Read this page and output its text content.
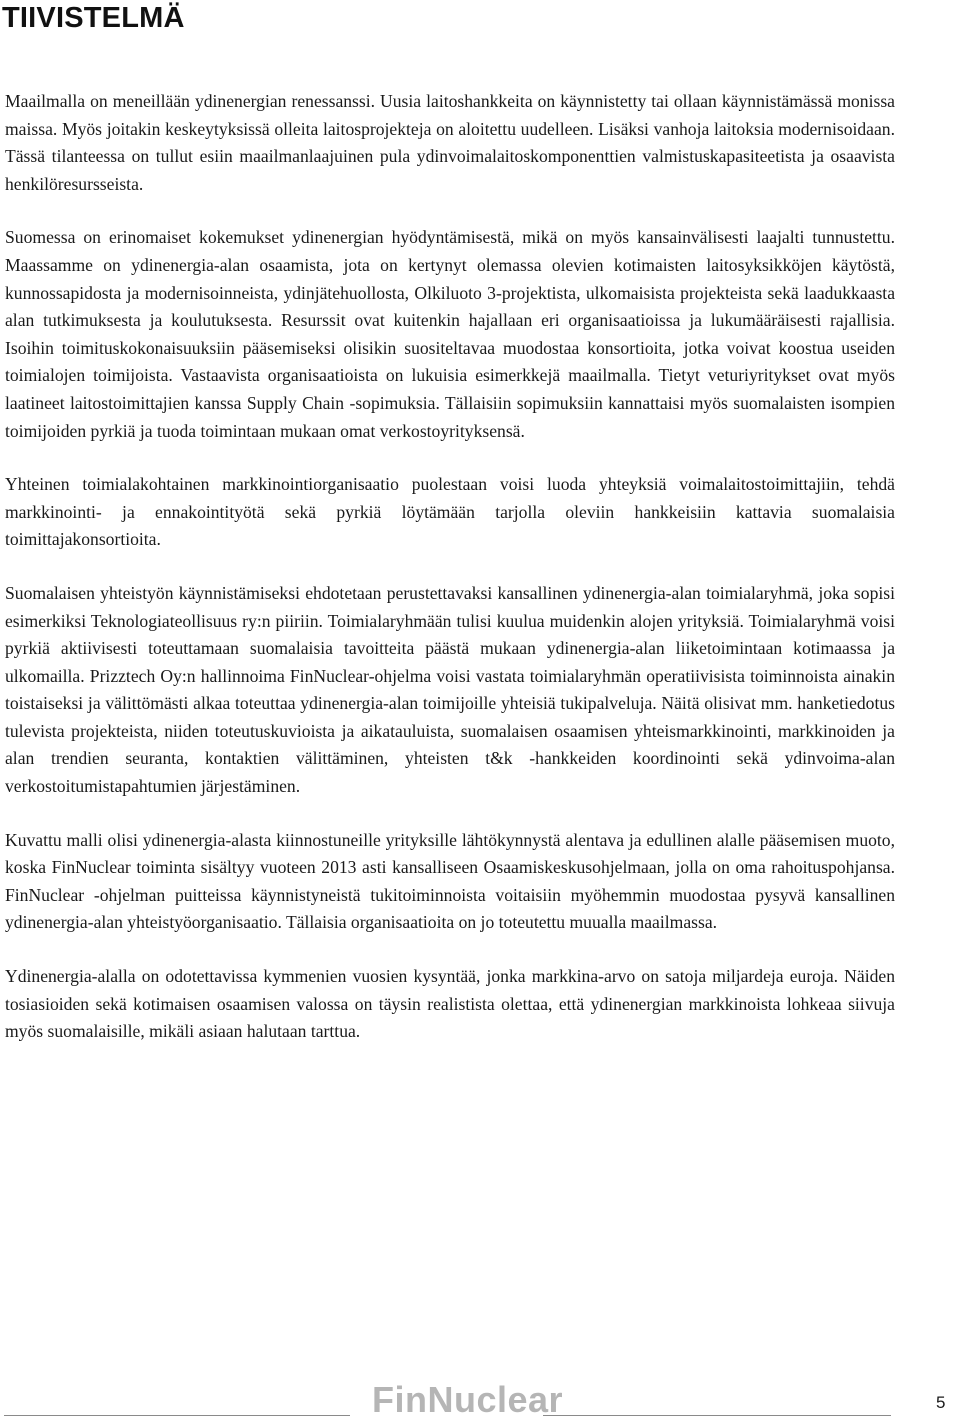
TIIVISTELMÄ

Maailmalla on meneillään ydinenergian renessanssi. Uusia laitoshankkeita on käynnistetty tai ollaan käynnistämässä monissa maissa. Myös joitakin keskeytyksissä olleita laitosprojekteja on aloitettu uudelleen. Lisäksi vanhoja laitoksia modernisoidaan. Tässä tilanteessa on tullut esiin maailmanlaajuinen pula ydinvoimalaitoskomponenttien valmistuskapasiteetista ja osaavista henkilöresursseista.

Suomessa on erinomaiset kokemukset ydinenergian hyödyntämisestä, mikä on myös kansainvälisesti laajalti tunnustettu. Maassamme on ydinenergia-alan osaamista, jota on kertynyt olemassa olevien kotimaisten laitosyksikköjen käytöstä, kunnossapidosta ja modernisoinneista, ydinjätehuollosta, Olkiluoto 3-projektista, ulkomaisista projekteista sekä laadukkaasta alan tutkimuksesta ja koulutuksesta. Resurssit ovat kuitenkin hajallaan eri organisaatioissa ja lukumääräisesti rajallisia. Isoihin toimituskokonaisuuksiin pääsemiseksi olisikin suositeltavaa muodostaa konsortioita, jotka voivat koostua useiden toimialojen toimijoista. Vastaavista organisaatioista on lukuisia esimerkkejä maailmalla. Tietyt veturiyritykset ovat myös laatineet laitostoimittajien kanssa Supply Chain -sopimuksia. Tällaisiin sopimuksiin kannattaisi myös suomalaisten isompien toimijoiden pyrkiä ja tuoda toimintaan mukaan omat verkostoyrityksensä.

Yhteinen toimialakohtainen markkinointiorganisaatio puolestaan voisi luoda yhteyksiä voimalaitostoimittajiin, tehdä markkinointi- ja ennakointityötä sekä pyrkiä löytämään tarjolla oleviin hankkeisiin kattavia suomalaisia toimittajakonsortioita.

Suomalaisen yhteistyön käynnistämiseksi ehdotetaan perustettavaksi kansallinen ydinenergia-alan toimialaryhmä, joka sopisi esimerkiksi Teknologiateollisuus ry:n piiriin. Toimialaryhmään tulisi kuulua muidenkin alojen yrityksiä. Toimialaryhmä voisi pyrkiä aktiivisesti toteuttamaan suomalaisia tavoitteita päästä mukaan ydinenergia-alan liiketoimintaan kotimaassa ja ulkomailla. Prizztech Oy:n hallinnoima FinNuclear-ohjelma voisi vastata toimialaryhmän operatiivisista toiminnoista ainakin toistaiseksi ja välittömästi alkaa toteuttaa ydinenergia-alan toimijoille yhteisiä tukipalveluja. Näitä olisivat mm. hanketiedotus tulevista projekteista, niiden toteutuskuvioista ja aikatauluista, suomalaisen osaamisen yhteismarkkinointi, markkinoiden ja alan trendien seuranta, kontaktien välittäminen, yhteisten t&k -hankkeiden koordinointi sekä ydinvoima-alan verkostoitumistapahtumien järjestäminen.

Kuvattu malli olisi ydinenergia-alasta kiinnostuneille yrityksille lähtökynnystä alentava ja edullinen alalle pääsemisen muoto, koska FinNuclear toiminta sisältyy vuoteen 2013 asti kansalliseen Osaamiskeskusohjelmaan, jolla on oma rahoituspohjansa. FinNuclear -ohjelman puitteissa käynnistyneistä tukitoiminnoista voitaisiin myöhemmin muodostaa pysyvä kansallinen ydinenergia-alan yhteistyöorganisaatio. Tällaisia organisaatioita on jo toteutettu muualla maailmassa.

Ydinenergia-alalla on odotettavissa kymmenien vuosien kysyntää, jonka markkina-arvo on satoja miljardeja euroja. Näiden tosiasioiden sekä kotimaisen osaamisen valossa on täysin realistista olettaa, että ydinenergian markkinoista lohkeaa siivuja myös suomalaisille, mikäli asiaan halutaan tarttua.

FinNuclear	5
